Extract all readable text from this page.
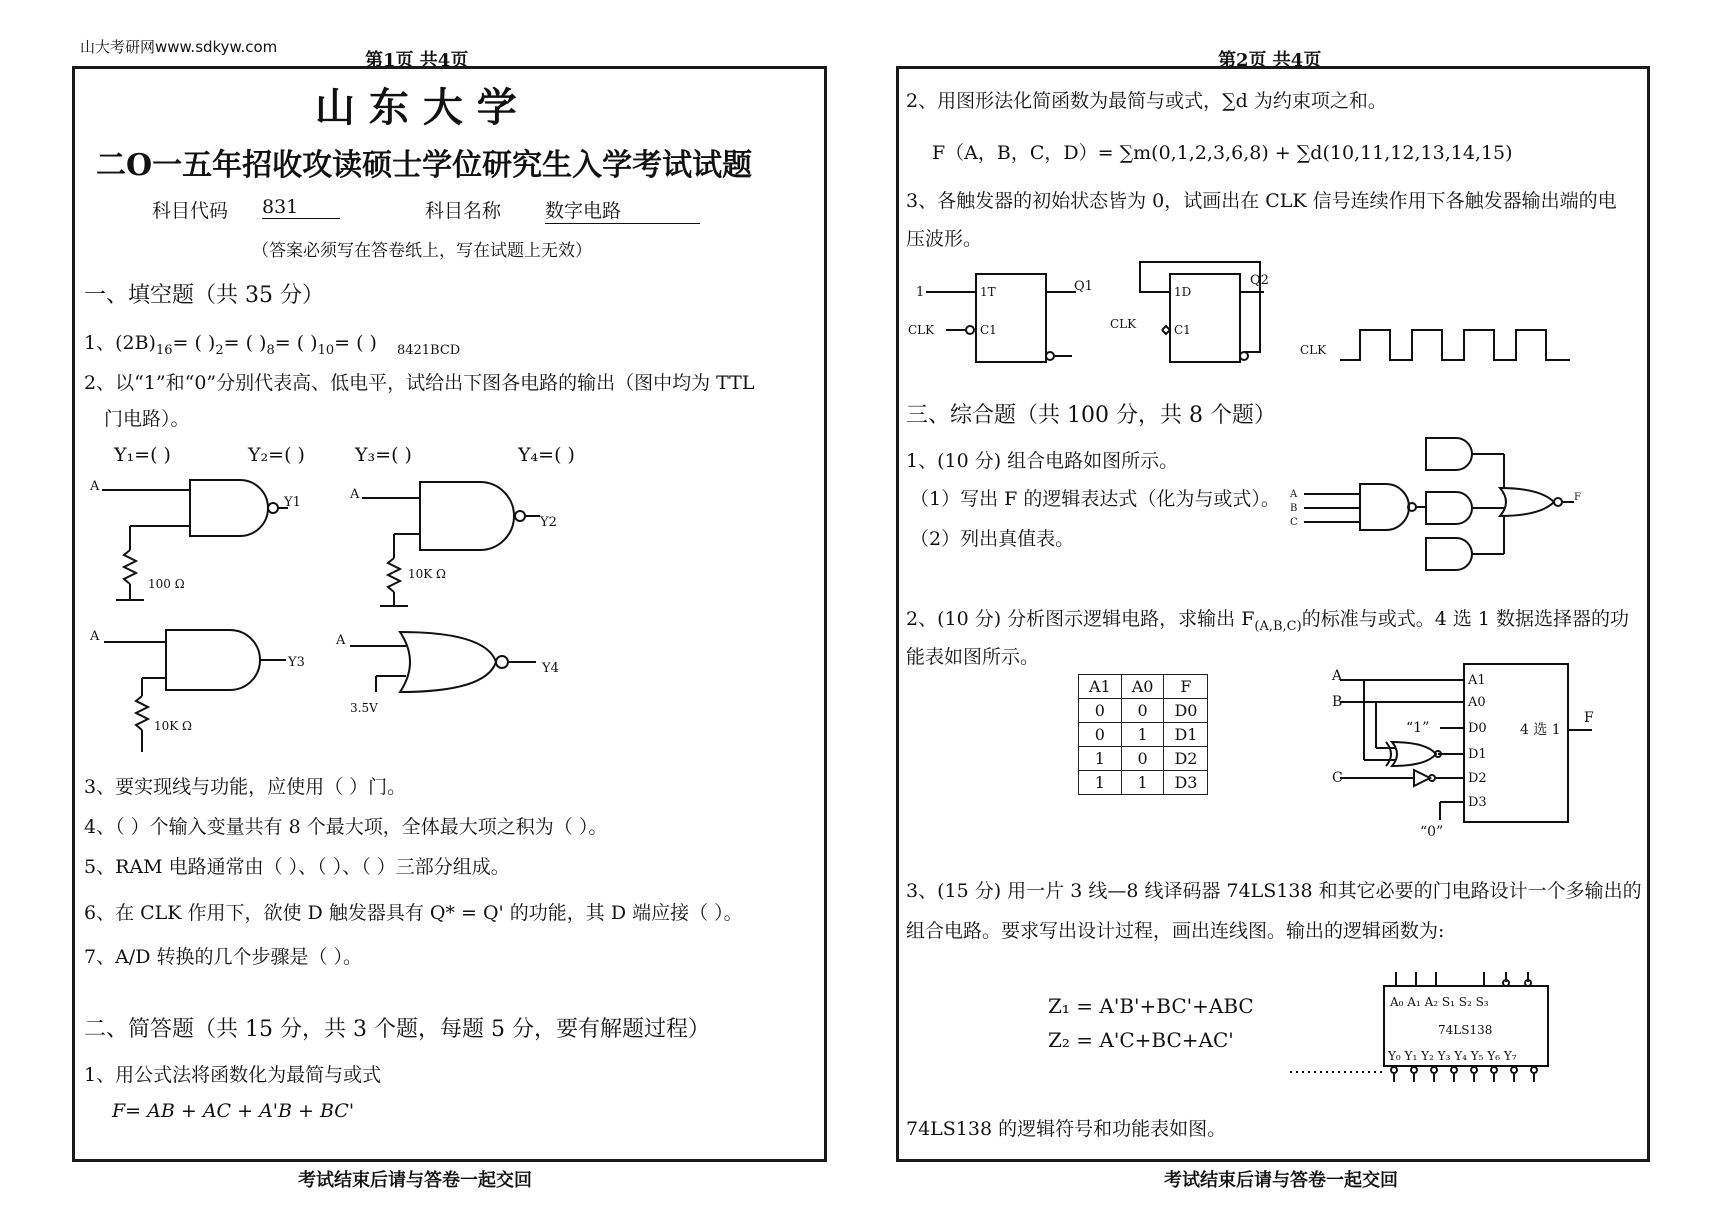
山大考研网www.sdkyw.com
第1页 共4页
山 东 大 学
二O一五年招收攻读硕士学位研究生入学考试试题
科目代码 831	科目名称 数字电路
（答案必须写在答卷纸上，写在试题上无效）
一、填空题（共 35 分）
1、$(2B)_{16}=$ ( )$_2=$ ( )$_8=$ ( )$_{10}=$ ( ) $_{8421BCD}$
2、以“1”和“0”分别代表高、低电平，试给出下图各电路的输出（图中均为 TTL
门电路）。
Y₁=( )	Y₂=( )	Y₃=( )	Y₄=( )
A
Y1
100 Ω
A
Y2
10K Ω
A
Y3
10K Ω
A
Y4
3.5V
3、要实现线与功能，应使用（ ）门。
4、（ ）个输入变量共有 8 个最大项，全体最大项之积为（ ）。
5、RAM 电路通常由（ ）、（ ）、（ ）三部分组成。
6、在 CLK 作用下，欲使 D 触发器具有 Q* = Q' 的功能，其 D 端应接（ ）。
7、A/D 转换的几个步骤是（ ）。
二、简答题（共 15 分，共 3 个题，每题 5 分，要有解题过程）
1、用公式法将函数化为最简与或式
F= AB + AC + A'B + BC'
考试结束后请与答卷一起交回
第2页 共4页
2、用图形法化简函数为最简与或式，∑d 为约束项之和。
F（A，B，C，D）= ∑m(0,1,2,3,6,8) + ∑d(10,11,12,13,14,15)
3、各触发器的初始状态皆为 0，试画出在 CLK 信号连续作用下各触发器输出端的电
压波形。
1	1T
C1
Q1
CLK
1D
C1
Q2
CLK
CLK
三、综合题（共 100 分，共 8 个题）
1、(10 分) 组合电路如图所示。
（1）写出 F 的逻辑表达式（化为与或式）。
（2）列出真值表。
A
B
C
F
2、(10 分) 分析图示逻辑电路，求输出 $F_{(A,B,C)}$的标准与或式。4 选 1 数据选择器的功
能表如图所示。
A1	A0	F
0	0	D0
0	1	D1
1	0	D2
1	1	D3
A
B
C
“1”
“0”
A1
A0
D0
D1
D2
D3
4 选 1
F
3、(15 分) 用一片 3 线—8 线译码器 74LS138 和其它必要的门电路设计一个多输出的
组合电路。要求写出设计过程，画出连线图。输出的逻辑函数为:
Z₁ = A'B'+BC'+ABC
Z₂ = A'C+BC+AC'
A₀ A₁ A₂ S₁ S₂ S₃
74LS138
Y₀ Y₁ Y₂ Y₃ Y₄ Y₅ Y₆ Y₇
74LS138 的逻辑符号和功能表如图。
考试结束后请与答卷一起交回
